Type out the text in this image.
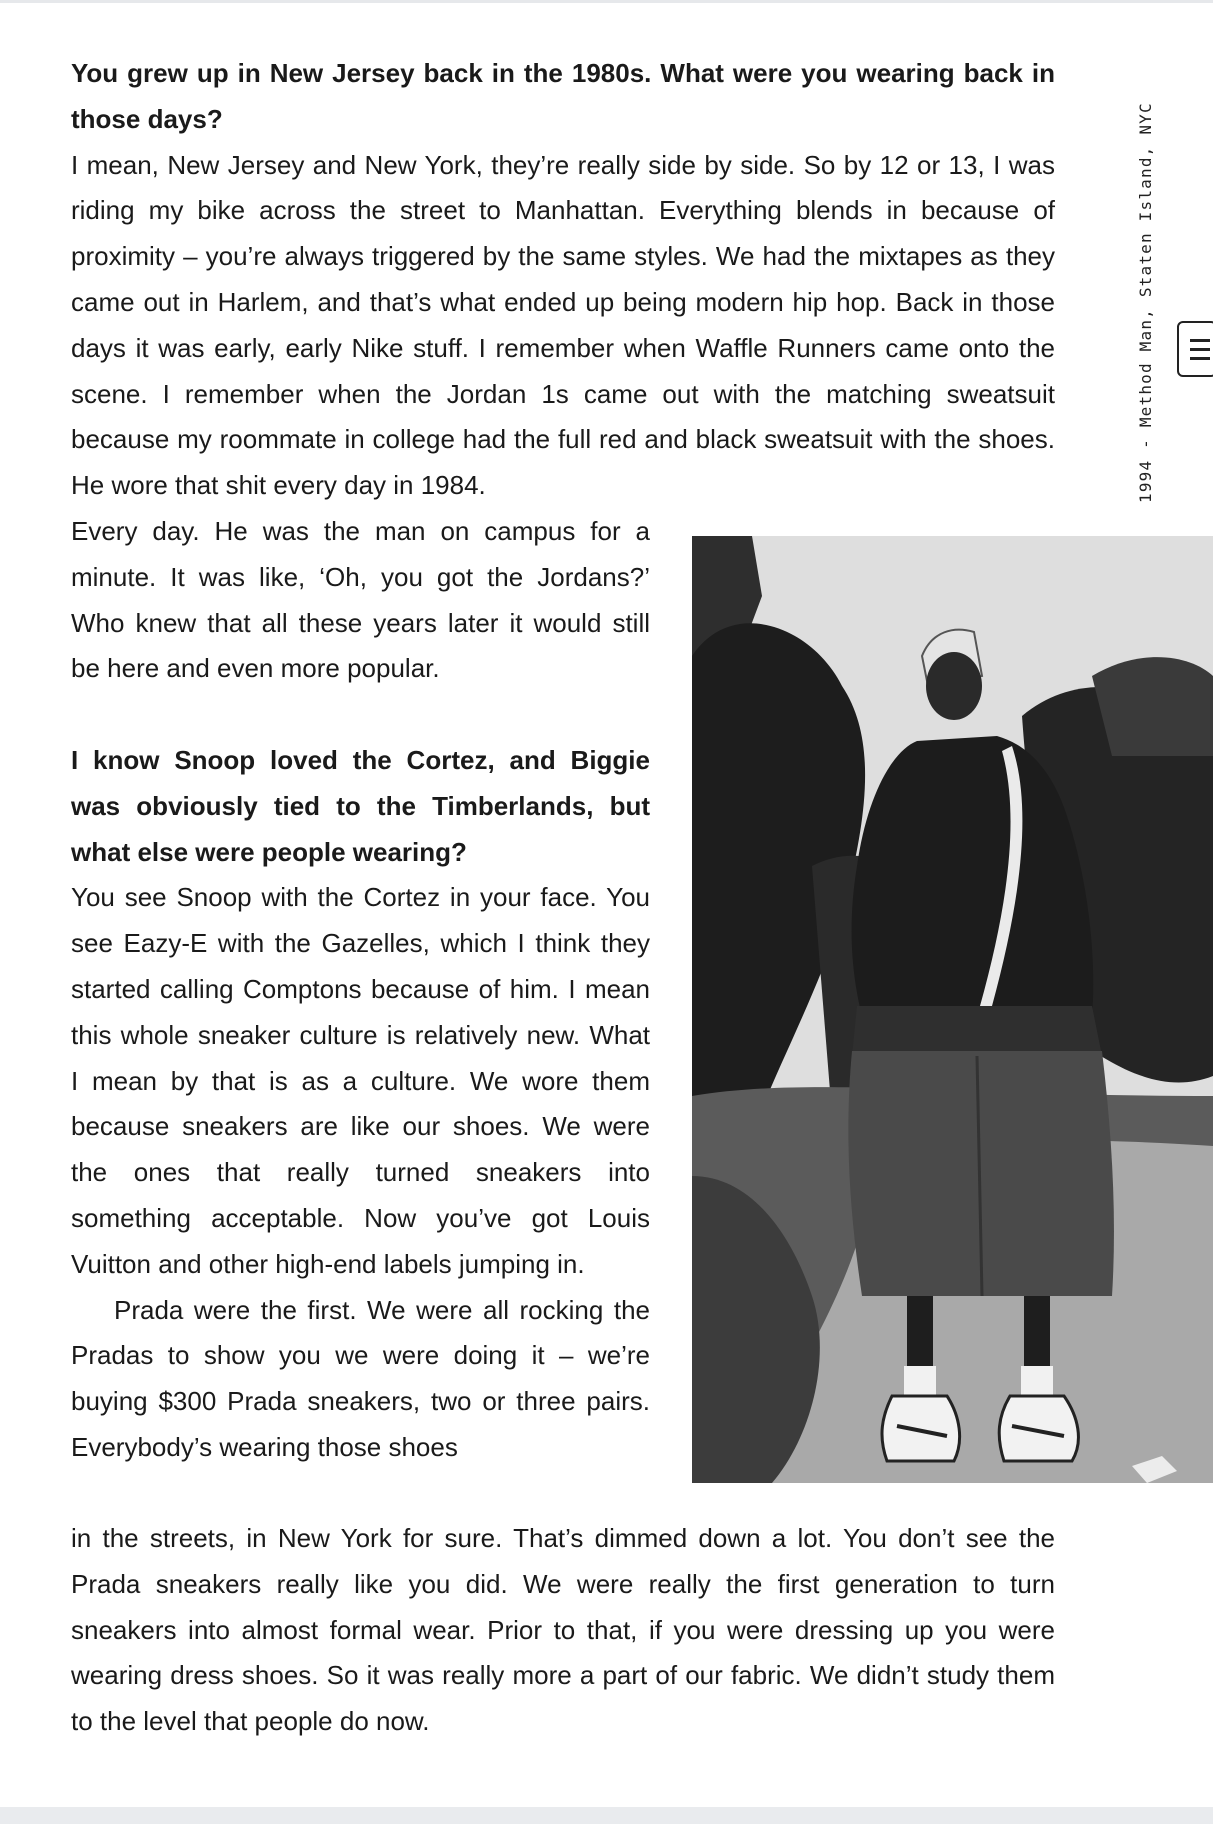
You grew up in New Jersey back in the 1980s. What were you wearing back in those days?

I mean, New Jersey and New York, they’re really side by side. So by 12 or 13, I was riding my bike across the street to Manhattan. Everything blends in because of proximity – you’re always triggered by the same styles. We had the mixtapes as they came out in Harlem, and that’s what ended up being modern hip hop. Back in those days it was early, early Nike stuff. I remember when Waffle Runners came onto the scene. I remember when the Jordan 1s came out with the matching sweatsuit because my roommate in college had the full red and black sweatsuit with the shoes. He wore that shit every day in 1984.

Every day. He was the man on campus for a minute. It was like, ‘Oh, you got the Jordans?’ Who knew that all these years later it would still be here and even more popular.

I know Snoop loved the Cortez, and Biggie was obviously tied to the Timberlands, but what else were people wearing?

You see Snoop with the Cortez in your face. You see Eazy-E with the Gazelles, which I think they started calling Comptons because of him. I mean this whole sneaker culture is relatively new. What I mean by that is as a culture. We wore them because sneakers are like our shoes. We were the ones that really turned sneakers into something acceptable. Now you’ve got Louis Vuitton and other high-end labels jumping in.

Prada were the first. We were all rocking the Pradas to show you we were doing it – we’re buying $300 Prada sneakers, two or three pairs. Everybody’s wearing those shoes

in the streets, in New York for sure. That’s dimmed down a lot. You don’t see the Prada sneakers really like you did. We were really the first generation to turn sneakers into almost formal wear. Prior to that, if you were dressing up you were wearing dress shoes. So it was really more a part of our fabric. We didn’t study them to the level that people do now.

1994 - Method Man, Staten Island, NYC
